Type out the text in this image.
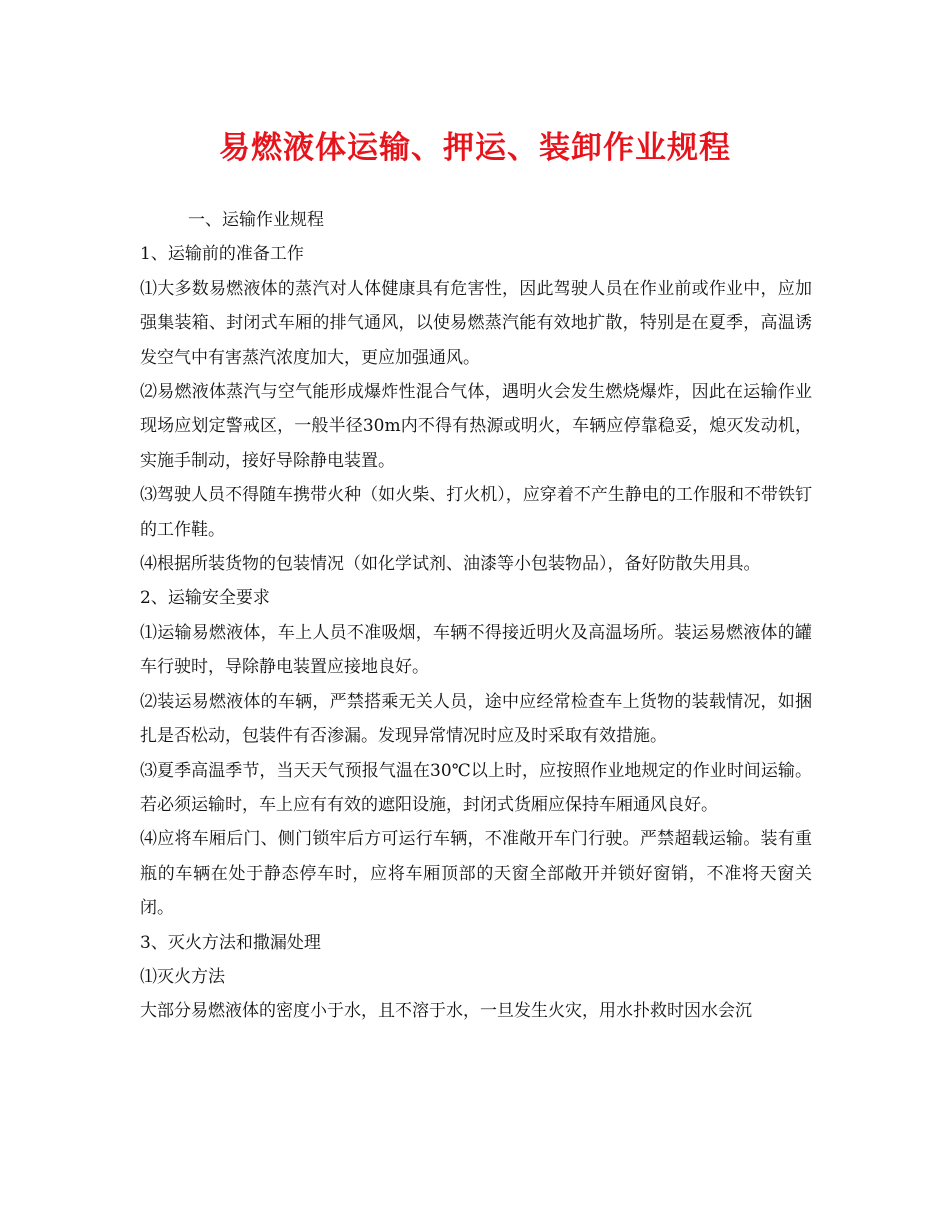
易燃液体运输、押运、装卸作业规程

一、运输作业规程

1、运输前的准备工作

⑴大多数易燃液体的蒸汽对人体健康具有危害性，因此驾驶人员在作业前或作业中，应加强集装箱、封闭式车厢的排气通风，以使易燃蒸汽能有效地扩散，特别是在夏季，高温诱发空气中有害蒸汽浓度加大，更应加强通风。

⑵易燃液体蒸汽与空气能形成爆炸性混合气体，遇明火会发生燃烧爆炸，因此在运输作业现场应划定警戒区，一般半径30m内不得有热源或明火，车辆应停靠稳妥，熄灭发动机，实施手制动，接好导除静电装置。

⑶驾驶人员不得随车携带火种（如火柴、打火机），应穿着不产生静电的工作服和不带铁钉的工作鞋。

⑷根据所装货物的包装情况（如化学试剂、油漆等小包装物品），备好防散失用具。

2、运输安全要求

⑴运输易燃液体，车上人员不准吸烟，车辆不得接近明火及高温场所。装运易燃液体的罐车行驶时，导除静电装置应接地良好。

⑵装运易燃液体的车辆，严禁搭乘无关人员，途中应经常检查车上货物的装载情况，如捆扎是否松动，包装件有否渗漏。发现异常情况时应及时采取有效措施。

⑶夏季高温季节，当天天气预报气温在30℃以上时，应按照作业地规定的作业时间运输。若必须运输时，车上应有有效的遮阳设施，封闭式货厢应保持车厢通风良好。

⑷应将车厢后门、侧门锁牢后方可运行车辆，不准敞开车门行驶。严禁超载运输。装有重瓶的车辆在处于静态停车时，应将车厢顶部的天窗全部敞开并锁好窗销，不准将天窗关闭。

3、灭火方法和撒漏处理

⑴灭火方法

大部分易燃液体的密度小于水，且不溶于水，一旦发生火灾，用水扑救时因水会沉
